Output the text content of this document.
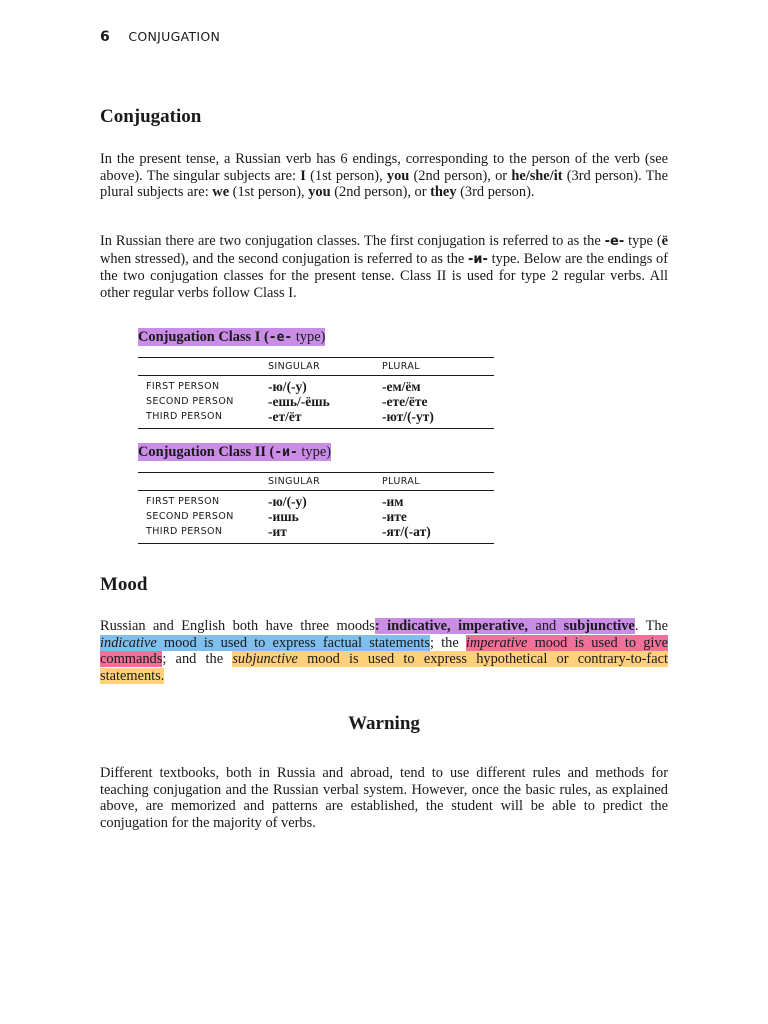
6 CONJUGATION
Conjugation

In the present tense, a Russian verb has 6 endings, corresponding to the person of the verb (see above). The singular subjects are: I (1st person), you (2nd person), or he/she/it (3rd person). The plural subjects are: we (1st person), you (2nd person), or they (3rd person).

In Russian there are two conjugation classes. The first conjugation is referred to as the -е- type (ё when stressed), and the second conjugation is referred to as the -и- type. Below are the endings of the two conjugation classes for the present tense. Class II is used for type 2 regular verbs. All other regular verbs follow Class I.

Conjugation Class I (-е- type)
SINGULAR	PLURAL
FIRST PERSON	-ю/(-у)	-ем/ём
SECOND PERSON	-ешь/-ёшь	-ете/ёте
THIRD PERSON	-ет/ёт	-ют/(-ут)
Conjugation Class II (-и- type)
SINGULAR	PLURAL
FIRST PERSON	-ю/(-у)	-им
SECOND PERSON	-ишь	-ите
THIRD PERSON	-ит	-ят/(-ат)
Mood

Russian and English both have three moods: indicative, imperative, and subjunctive. The indicative mood is used to express factual statements; the imperative mood is used to give commands; and the subjunctive mood is used to express hypothetical or contrary-to-fact statements.

Warning

Different textbooks, both in Russia and abroad, tend to use different rules and methods for teaching conjugation and the Russian verbal system. However, once the basic rules, as explained above, are memorized and patterns are established, the student will be able to predict the conjugation for the majority of verbs.
